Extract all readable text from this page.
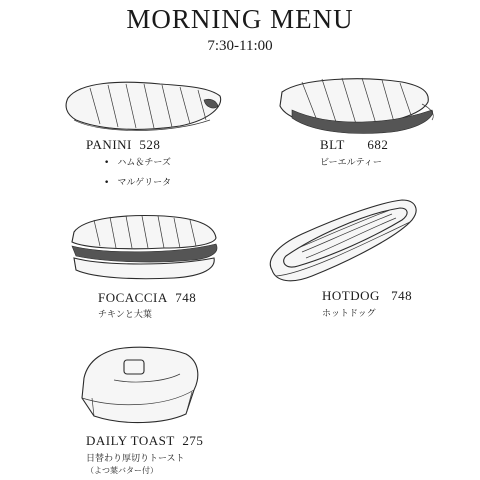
MORNING MENU
7:30-11:00
PANINI 528
• ハム＆チーズ
• マルゲリータ
BLT 682
ビーエルティー
FOCACCIA 748
チキンと大葉
HOTDOG 748
ホットドッグ
DAILY TOAST 275
日替わり厚切りトースト
（よつ葉バター付）
